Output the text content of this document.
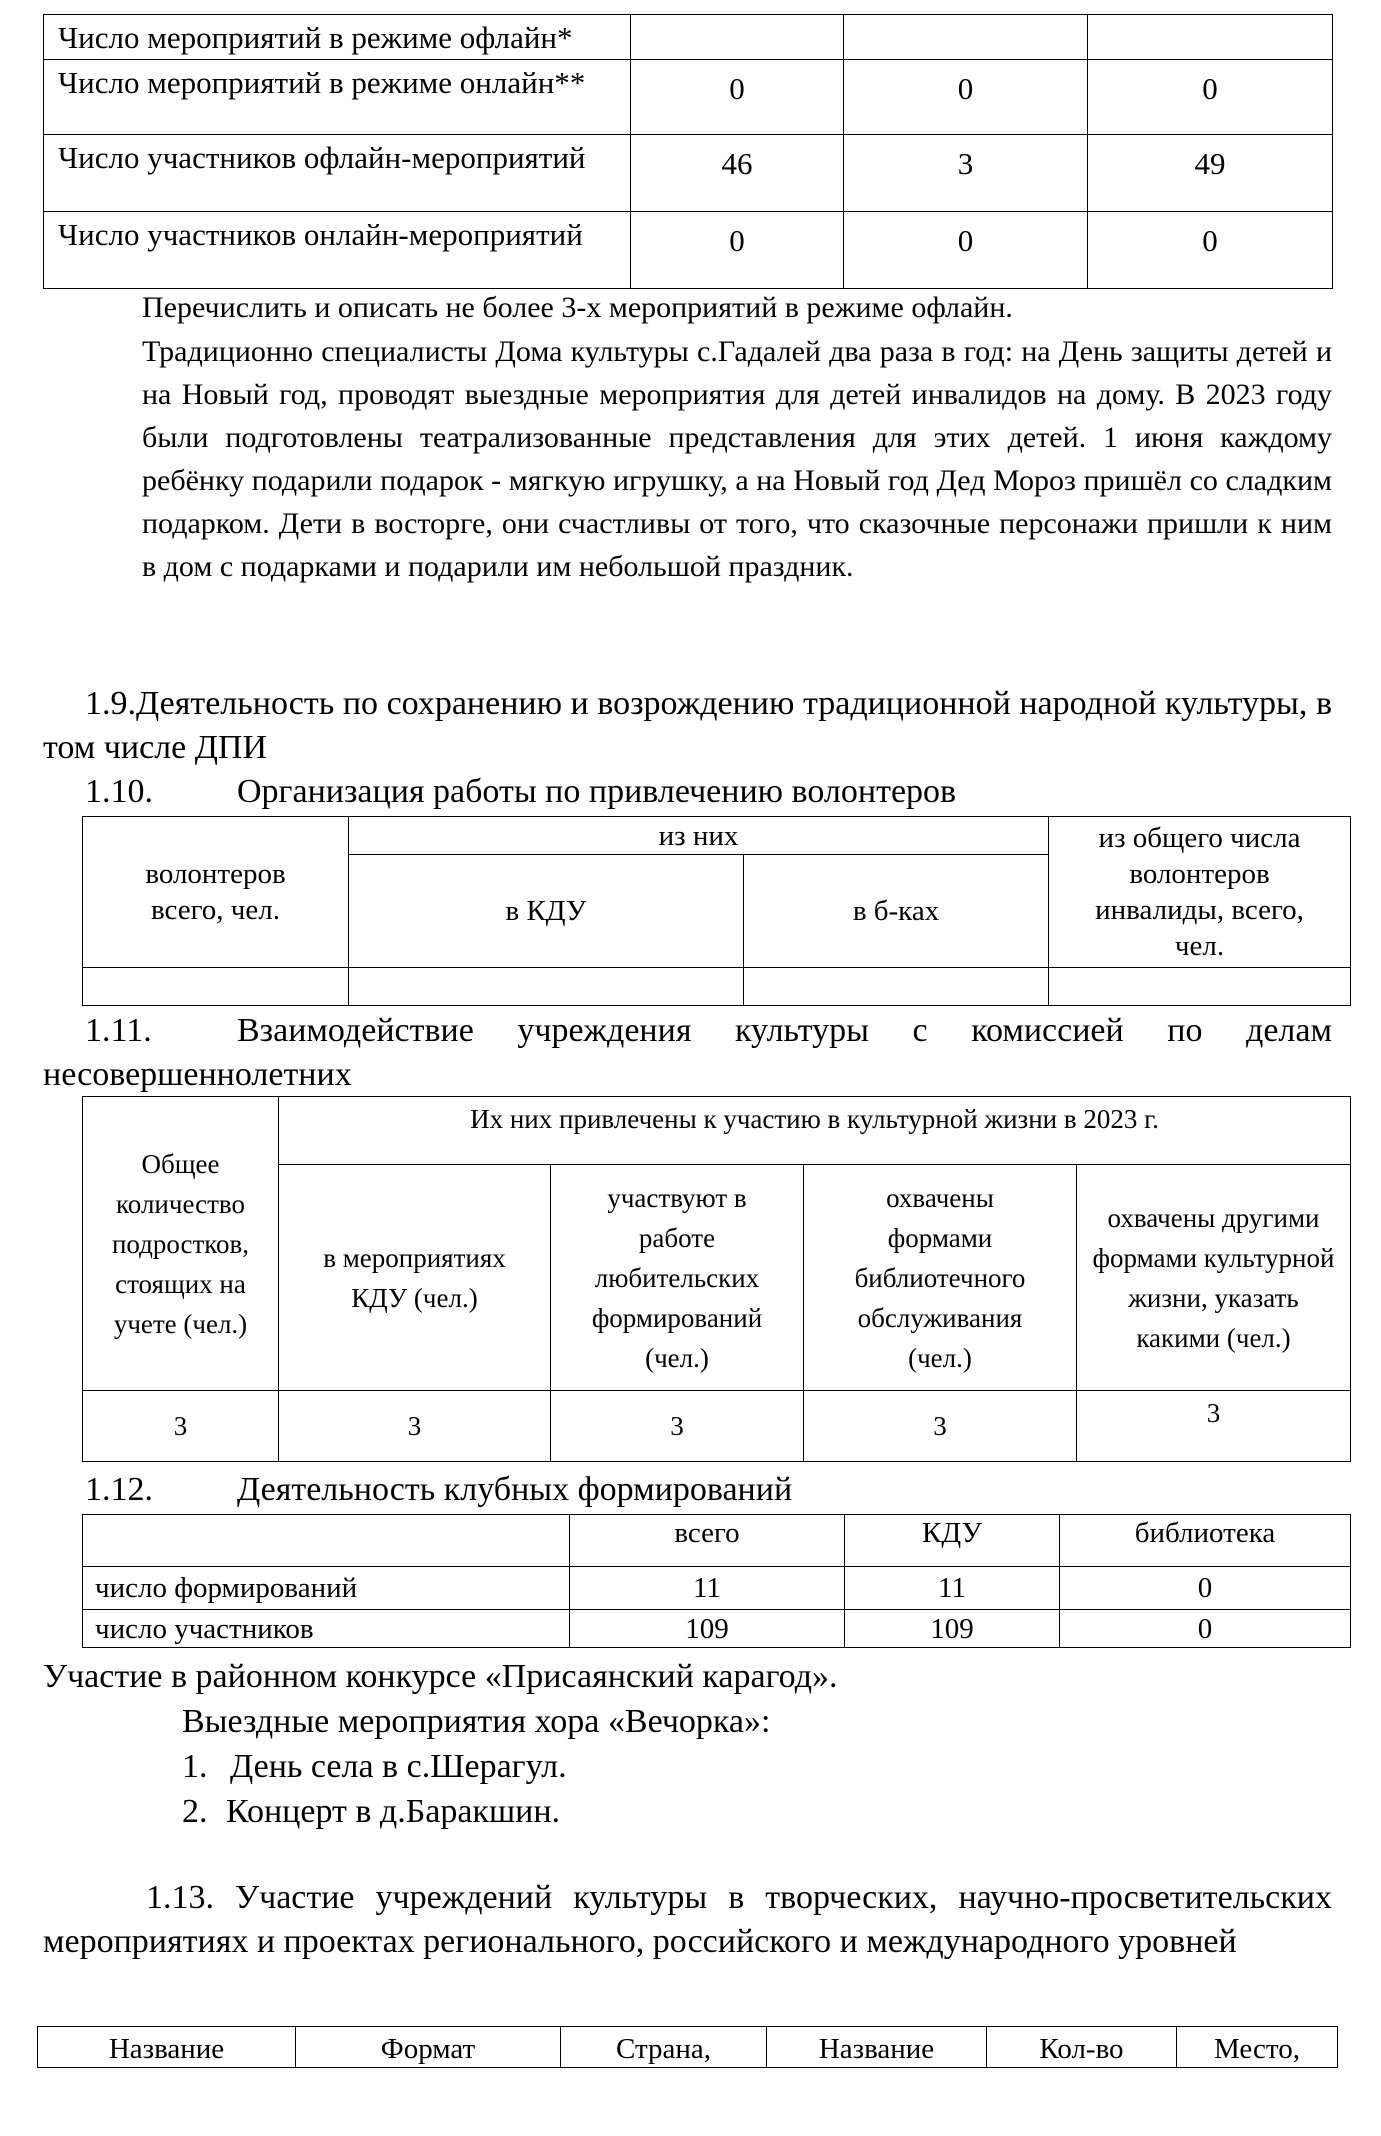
Число мероприятий в режиме офлайн*			
Число мероприятий в режиме онлайн**	0	0	0
Число участников офлайн-мероприятий	46	3	49
Число участников онлайн-мероприятий	0	0	0
Перечислить и описать не более 3-х мероприятий в режиме офлайн.
Традиционно специалисты Дома культуры с.Гадалей два раза в год: на День защиты детей и на Новый год, проводят выездные мероприятия для детей инвалидов на дому. В 2023 году были подготовлены театрализованные представления для этих детей. 1 июня каждому ребёнку подарили подарок - мягкую игрушку, а на Новый год Дед Мороз пришёл со сладким подарком. Дети в восторге, они счастливы от того, что сказочные персонажи пришли к ним в дом с подарками и подарили им небольшой праздник.
1.9.Деятельность по сохранению и возрождению традиционной народной культуры, в том числе ДПИ
1.10. Организация работы по привлечению волонтеров
волонтеров всего, чел.	из них		из общего числа волонтеров инвалиды, всего, чел.

	в КДУ	в б-ках	

1.11.	Взаимодействие учреждения культуры с комиссией по делам несовершеннолетних
Общее количество подростков, стоящих на учете (чел.)	Их них привлечены к участию в культурной жизни в 2023 г.			

	в мероприятиях КДУ (чел.)	участвуют в работе любительских формирований (чел.)	охвачены формами библиотечного обслуживания (чел.)	охвачены другими формами культурной жизни, указать какими (чел.)

3	3	3	3	3
1.12. Деятельность клубных формирований
	всего	КДУ	библиотека
число формирований	11	11	0
число участников	109	109	0
Участие в районном конкурсе «Присаянский карагод».
Выездные мероприятия хора «Вечорка»:
1. День села в с.Шерагул.
2. Концерт в д.Баракшин.
1.13. Участие учреждений культуры в творческих, научно-просветительских мероприятиях и проектах регионального, российского и международного уровней
Название	Формат	Страна,	Название	Кол-во	Место,
